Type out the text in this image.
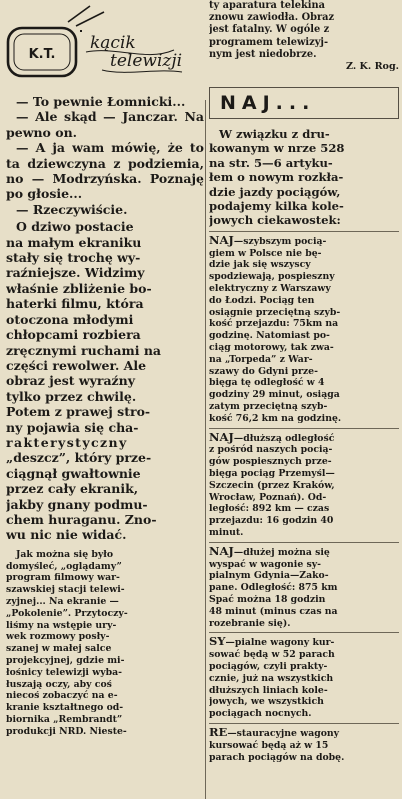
K.T.
kącik
telewizji

— To pewnie Łomnicki...

— Ale skąd — Janczar. Na pewno on.

— A ja wam mówię, że to ta dziewczyna z podziemia, no — Modrzyńska. Poznaję po głosie...

— Rzeczywiście.

O dziwo postacie
na małym ekraniku
stały się trochę wy-
raźniejsze. Widzimy
właśnie zbliżenie bo-
haterki filmu, która
otoczona młodymi
chłopcami rozbiera
zręcznymi ruchami na
części rewolwer. Ale
obraz jest wyraźny
tylko przez chwilę.
Potem z prawej stro-
ny pojawia się cha-
rakterystyczny
„deszcz”, który prze-
ciągnął gwałtownie
przez cały ekranik,
jakby gnany podmu-
chem huraganu. Zno-
wu nic nie widać.
Jak można się było
domyśleć, „oglądamy”
program filmowy war-
szawskiej stacji telewi-
zyjnej... Na ekranie —
„Pokolenie”. Przytoczy-
liśmy na wstępie ury-
wek rozmowy posły-
szanej w małej salce
projekcyjnej, gdzie mi-
łośnicy telewizji wyba-
łuszają oczy, aby coś
niecoś zobaczyć na e-
kranie kształtnego od-
biornika „Rembrandt”
produkcji NRD. Nieste-
ty aparatura telekina
znowu zawiodła. Obraz
jest fatalny. W ogóle z
programem telewizyj-
nym jest niedobrze.

Z. K. Rog.

NAJ...
W związku z dru-
kowanym w nrze 528
na str. 5—6 artyku-
łem o nowym rozkła-
dzie jazdy pociągów,
podajemy kilka kole-
jowych ciekawostek:
NAJ—szybszym pocią-
giem w Polsce nie bę-
dzie jak się wszyscy
spodziewają, pospieszny
elektryczny z Warszawy
do Łodzi. Pociąg ten
osiągnie przeciętną szyb-
kość przejazdu: 75km na
godzinę. Natomiast po-
ciąg motorowy, tak zwa-
na „Torpeda” z War-
szawy do Gdyni prze-
bięga tę odległość w 4
godziny 29 minut, osiąga
zatym przeciętną szyb-
kość 76,2 km na godzinę.
NAJ—dłuższą odległość
z pośród naszych pocią-
gów pospiesznych prze-
bięga pociąg Przemyśl—
Szczecin (przez Kraków,
Wrocław, Poznań). Od-
ległość: 892 km — czas
przejazdu: 16 godzin 40
minut.
NAJ—dłużej można się
wyspać w wagonie sy-
pialnym Gdynia—Zako-
pane. Odległość: 875 km
Spać można 18 godzin
48 minut (minus czas na
rozebranie się).
SY—pialne wagony kur-
sować będą w 52 parach
pociągów, czyli prakty-
cznie, już na wszystkich
dłuższych liniach kole-
jowych, we wszystkich
pociągach nocnych.
RE—stauracyjne wagony
kursować będą aż w 15
parach pociągów na dobę.
